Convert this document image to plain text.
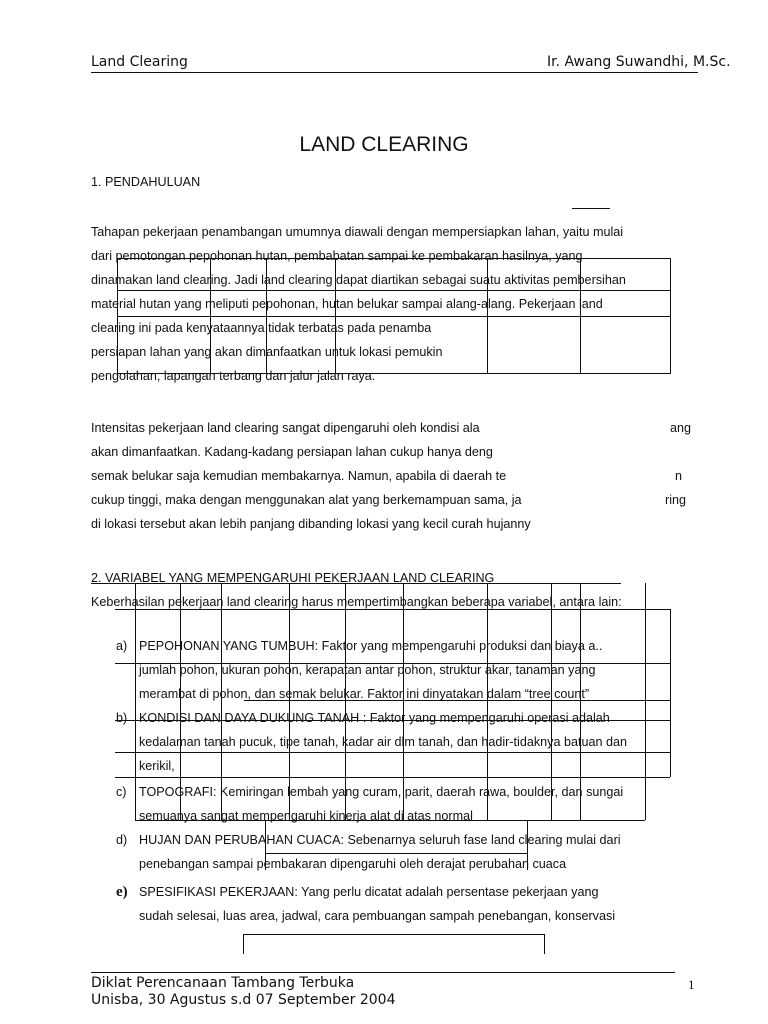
Land Clearing	Ir. Awang Suwandhi, M.Sc.
LAND CLEARING
1. PENDAHULUAN
Tahapan pekerjaan penambangan umumnya diawali dengan mempersiapkan lahan, yaitu mulai
dari pemotongan pepohonan hutan, pembabatan sampai ke pembakaran hasilnya, yang
dinamakan land clearing. Jadi land clearing dapat diartikan sebagai suatu aktivitas pembersihan
material hutan yang meliputi pepohonan, hutan belukar sampai alang-alang. Pekerjaan land
clearing ini pada kenyataannya tidak terbatas pada penamba
persiapan lahan yang akan dimanfaatkan untuk lokasi pemukin
pengolahan, lapangan terbang dan jalur jalan raya.
Intensitas pekerjaan land clearing sangat dipengaruhi oleh kondisi ala
akan dimanfaatkan. Kadang-kadang persiapan lahan cukup hanya deng
semak belukar saja kemudian membakarnya. Namun, apabila di daerah te
cukup tinggi, maka dengan menggunakan alat yang berkemampuan sama, ja
di lokasi tersebut akan lebih panjang dibanding lokasi yang kecil curah hujanny
ang
n
ring
2. VARIABEL YANG MEMPENGARUHI PEKERJAAN LAND CLEARING
Keberhasilan pekerjaan land clearing harus mempertimbangkan beberapa variabel, antara lain:
a) PEPOHONAN YANG TUMBUH: Faktor yang mempengaruhi produksi dan biaya a..
jumlah pohon, ukuran pohon, kerapatan antar pohon, struktur akar, tanaman yang
merambat di pohon, dan semak belukar. Faktor ini dinyatakan dalam “tree count”
b) KONDISI DAN DAYA DUKUNG TANAH : Faktor yang mempengaruhi operasi adalah
kedalaman tanah pucuk, tipe tanah, kadar air dlm tanah, dan hadir-tidaknya batuan dan
kerikil,
c) TOPOGRAFI: Kemiringan lembah yang curam, parit, daerah rawa, boulder, dan sungai
semuanya sangat mempengaruhi kinerja alat di atas normal
d) HUJAN DAN PERUBAHAN CUACA: Sebenarnya seluruh fase land clearing mulai dari
penebangan sampai pembakaran dipengaruhi oleh derajat perubahan cuaca
e) SPESIFIKASI PEKERJAAN: Yang perlu dicatat adalah persentase pekerjaan yang
sudah selesai, luas area, jadwal, cara pembuangan sampah penebangan, konservasi
Diklat Perencanaan Tambang Terbuka
Unisba, 30 Agustus s.d 07 September 2004
1
